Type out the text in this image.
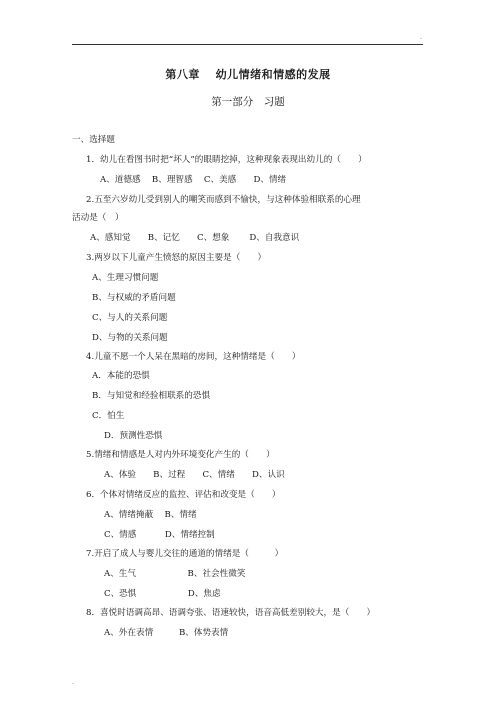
.
第八章　 幼儿情绪和情感的发展
第一部分　习题
一、选择题
1．幼儿在看图书时把“坏人”的眼睛挖掉，这种现象表现出幼儿的（　　）
A、道德感　 B、理智感　 C、美感　　D、情绪
2.五至六岁幼儿受到别人的嘲笑而感到不愉快，与这种体验相联系的心理
活动是（　）
A、感知觉　　B、记忆　　C、想象　　 D、自我意识
3.两岁以下儿童产生愤怒的原因主要是（　　）
A、生理习惯问题
B、与权威的矛盾问题
C、与人的关系问题
D、与物的关系问题
4.儿童不愿一个人呆在黑暗的房间，这种情绪是（　　）
A．本能的恐惧
B．与知觉和经验相联系的恐惧
C．怕生
D．预测性恐惧
5.情绪和情感是人对内外环境变化产生的（　　）
A、体验　　B、过程　　C、情绪　　D、认识
6．个体对情绪反应的监控、评估和改变是（　　）
A、情绪掩蔽　 B、情绪
C、情感　　　 D、情绪控制
7.开启了成人与婴儿交往的通道的情绪是（　　　）
A、生气　　　　　　B、社会性微笑
C、恐惧　　　　　　D、焦虑
8．喜悦时语调高昂、语调夸张、语速较快，语音高低差别较大，是（　　）
A、外在表情　　　B、体势表情
-
